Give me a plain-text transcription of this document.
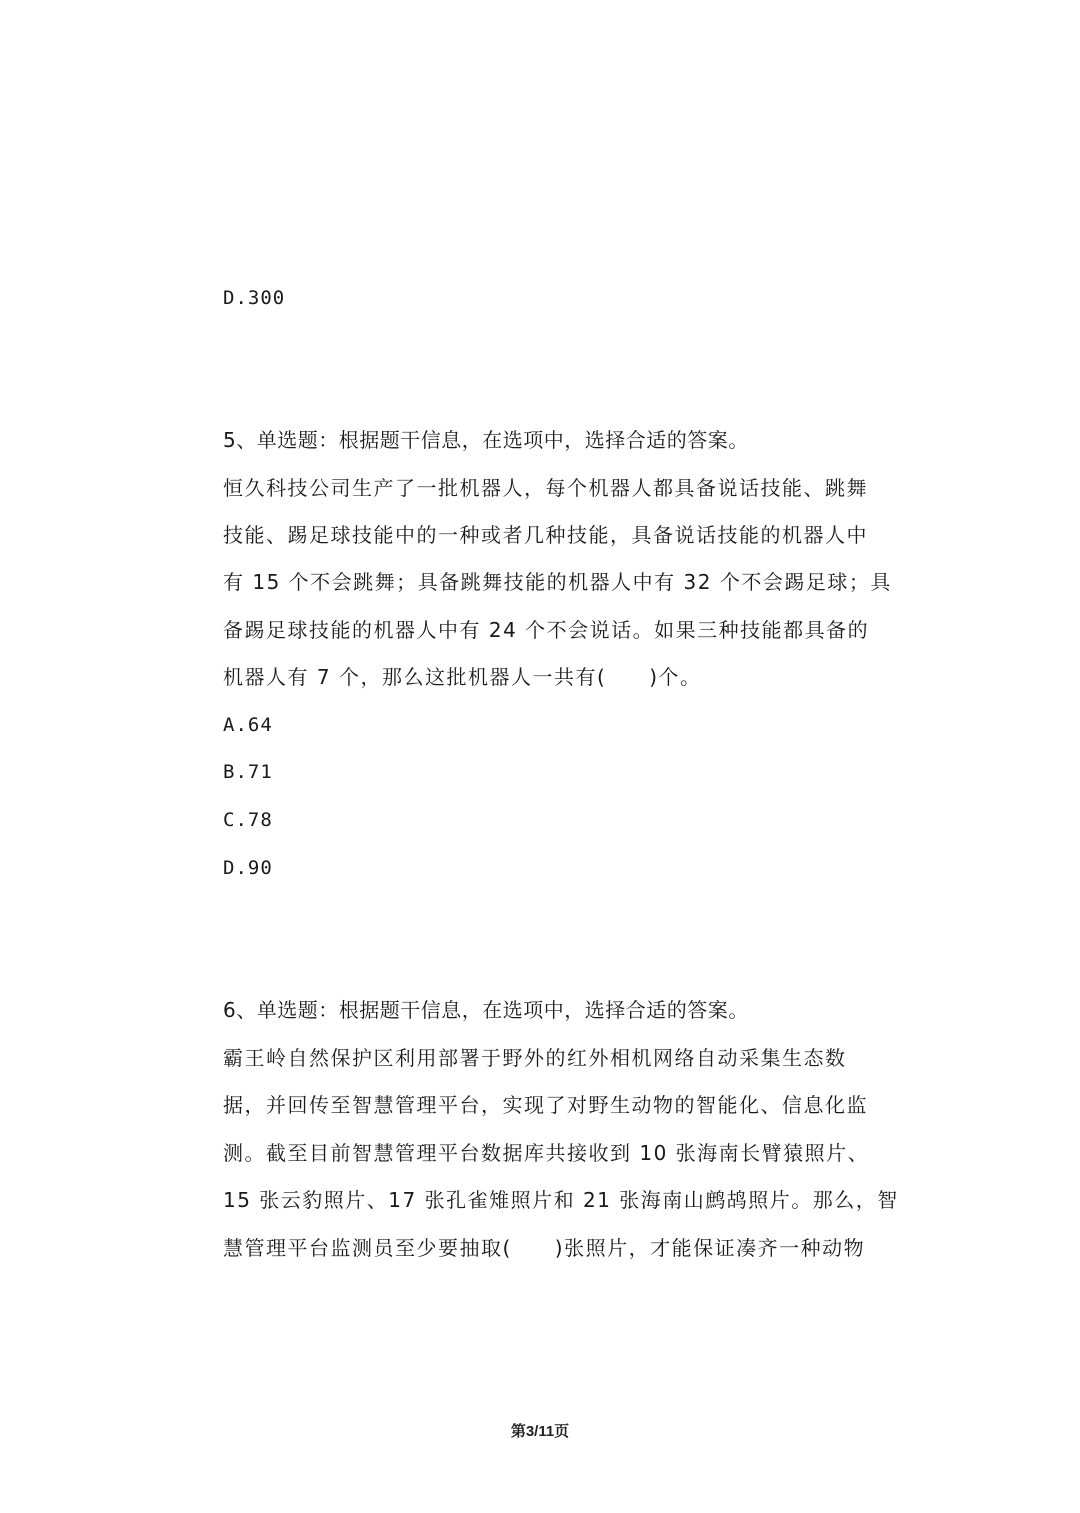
D.300
5、单选题：根据题干信息，在选项中，选择合适的答案。
恒久科技公司生产了一批机器人，每个机器人都具备说话技能、跳舞
技能、踢足球技能中的一种或者几种技能，具备说话技能的机器人中
有 15 个不会跳舞；具备跳舞技能的机器人中有 32 个不会踢足球；具
备踢足球技能的机器人中有 24 个不会说话。如果三种技能都具备的
机器人有 7 个，那么这批机器人一共有(　　)个。
A.64
B.71
C.78
D.90
6、单选题：根据题干信息，在选项中，选择合适的答案。
霸王岭自然保护区利用部署于野外的红外相机网络自动采集生态数
据，并回传至智慧管理平台，实现了对野生动物的智能化、信息化监
测。截至目前智慧管理平台数据库共接收到 10 张海南长臂猿照片、
15 张云豹照片、17 张孔雀雉照片和 21 张海南山鹧鸪照片。那么，智
慧管理平台监测员至少要抽取(　　)张照片，才能保证凑齐一种动物
第3/11页
